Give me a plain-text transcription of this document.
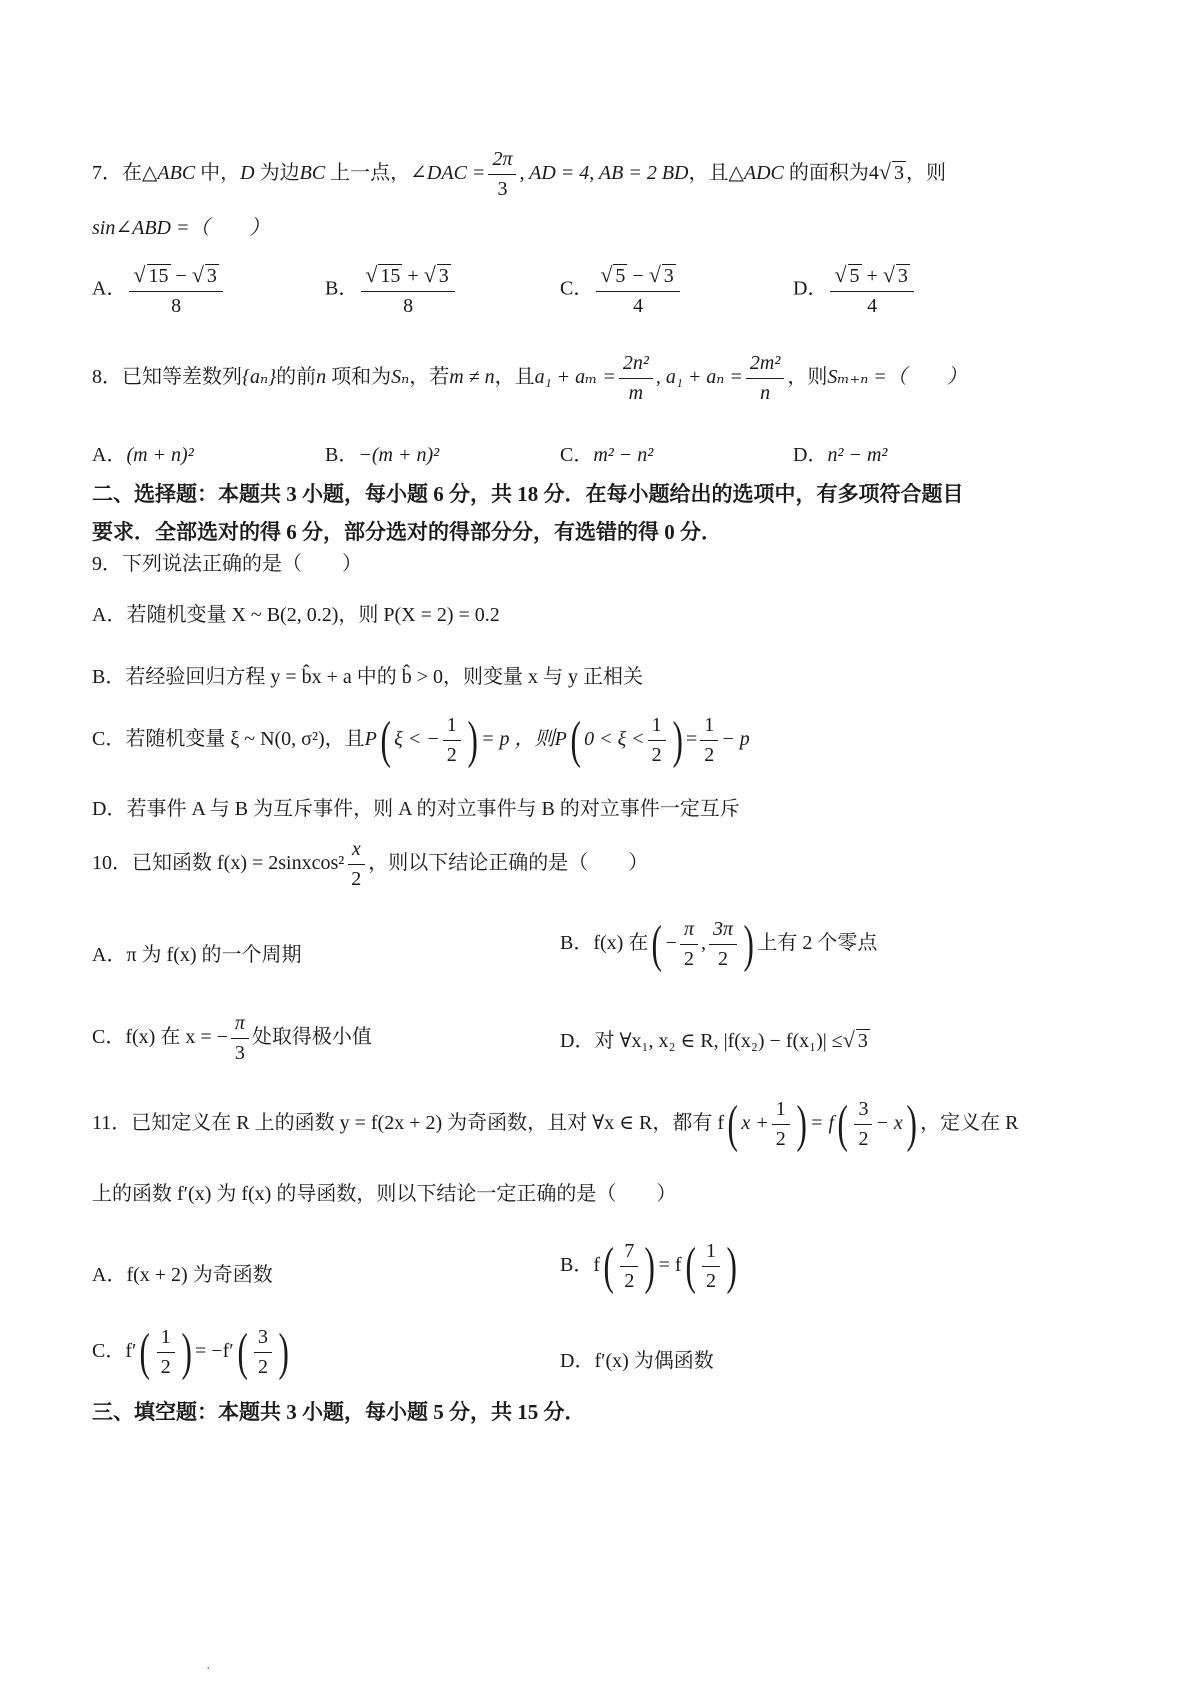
7．在△ABC 中，D 为边BC 上一点，∠DAC = $\frac{2\pi}{3}$ , AD = 4, AB = 2 BD，且△ADC 的面积为4√ 3 ，则
sin∠ABD =（　　）
A． $\frac{√ 15 - √ 3}{8}$	B． $\frac{√ 15 + √ 3}{8}$	C． $\frac{√ 5 - √ 3}{4}$	D． $\frac{√ 5 + √ 3}{4}$
8．已知等差数列{aₙ}的前n 项和为Sₙ，若m ≠ n，且$a_1 + a_m = \frac{\text{2n²}}{m}$ , $a_1 + a_n = \frac{\text{2m²}}{n}$ ，则Sₘ₊ₙ =（　　）
A．(m + n)²	B．−(m + n)²	C．m² − n²	D．n² − m²
二、选择题：本题共 3 小题，每小题 6 分，共 18 分．在每小题给出的选项中，有多项符合题目
要求．全部选对的得 6 分，部分选对的得部分分，有选错的得 0 分．
9．下列说法正确的是（　　）
A．若随机变量 X ~ B(2, 0.2)，则 P(X = 2) = 0.2
B．若经验回归方程 y = b̂x + a 中的 b̂ > 0，则变量 x 与 y 正相关
C．若随机变量 ξ ~ N(0, σ²)，且P( ξ < − $\frac{1}{2}$ ) = p ，则P( $0 < \xi < \frac{1}{2}$ ) = $\frac{1}{2} - p$
D．若事件 A 与 B 为互斥事件，则 A 的对立事件与 B 的对立事件一定互斥
10．已知函数 f(x) = 2sinxcos² $\frac{x}{2}$ ，则以下结论正确的是（　　）
A．π 为 f(x) 的一个周期
B．f(x) 在( − $\frac{\pi}{2}$ , $\frac{3\pi}{2}$ ) 上有 2 个零点
C．f(x) 在 x = − $\frac{\pi}{3}$ 处取得极小值	D．对 ∀x₁, x₂ ∈ R, |f(x₂) − f(x₁)| ≤√ 3
11．已知定义在 R 上的函数 y = f(2x + 2) 为奇函数，且对 ∀x ∈ R，都有 f( $x + \frac{1}{2}$ ) = $f( \frac{3}{2} - x)$ ，定义在 R
上的函数 f′(x) 为 f(x) 的导函数，则以下结论一定正确的是（　　）
A．f(x + 2) 为奇函数	B．$f( \frac{7}{2}$ ) = $f( \frac{1}{2}$ )
C．$f'( \frac{1}{2}$ ) = $-f'( \frac{3}{2}$ )	D．f′(x) 为偶函数
三、填空题：本题共 3 小题，每小题 5 分，共 15 分．
·
